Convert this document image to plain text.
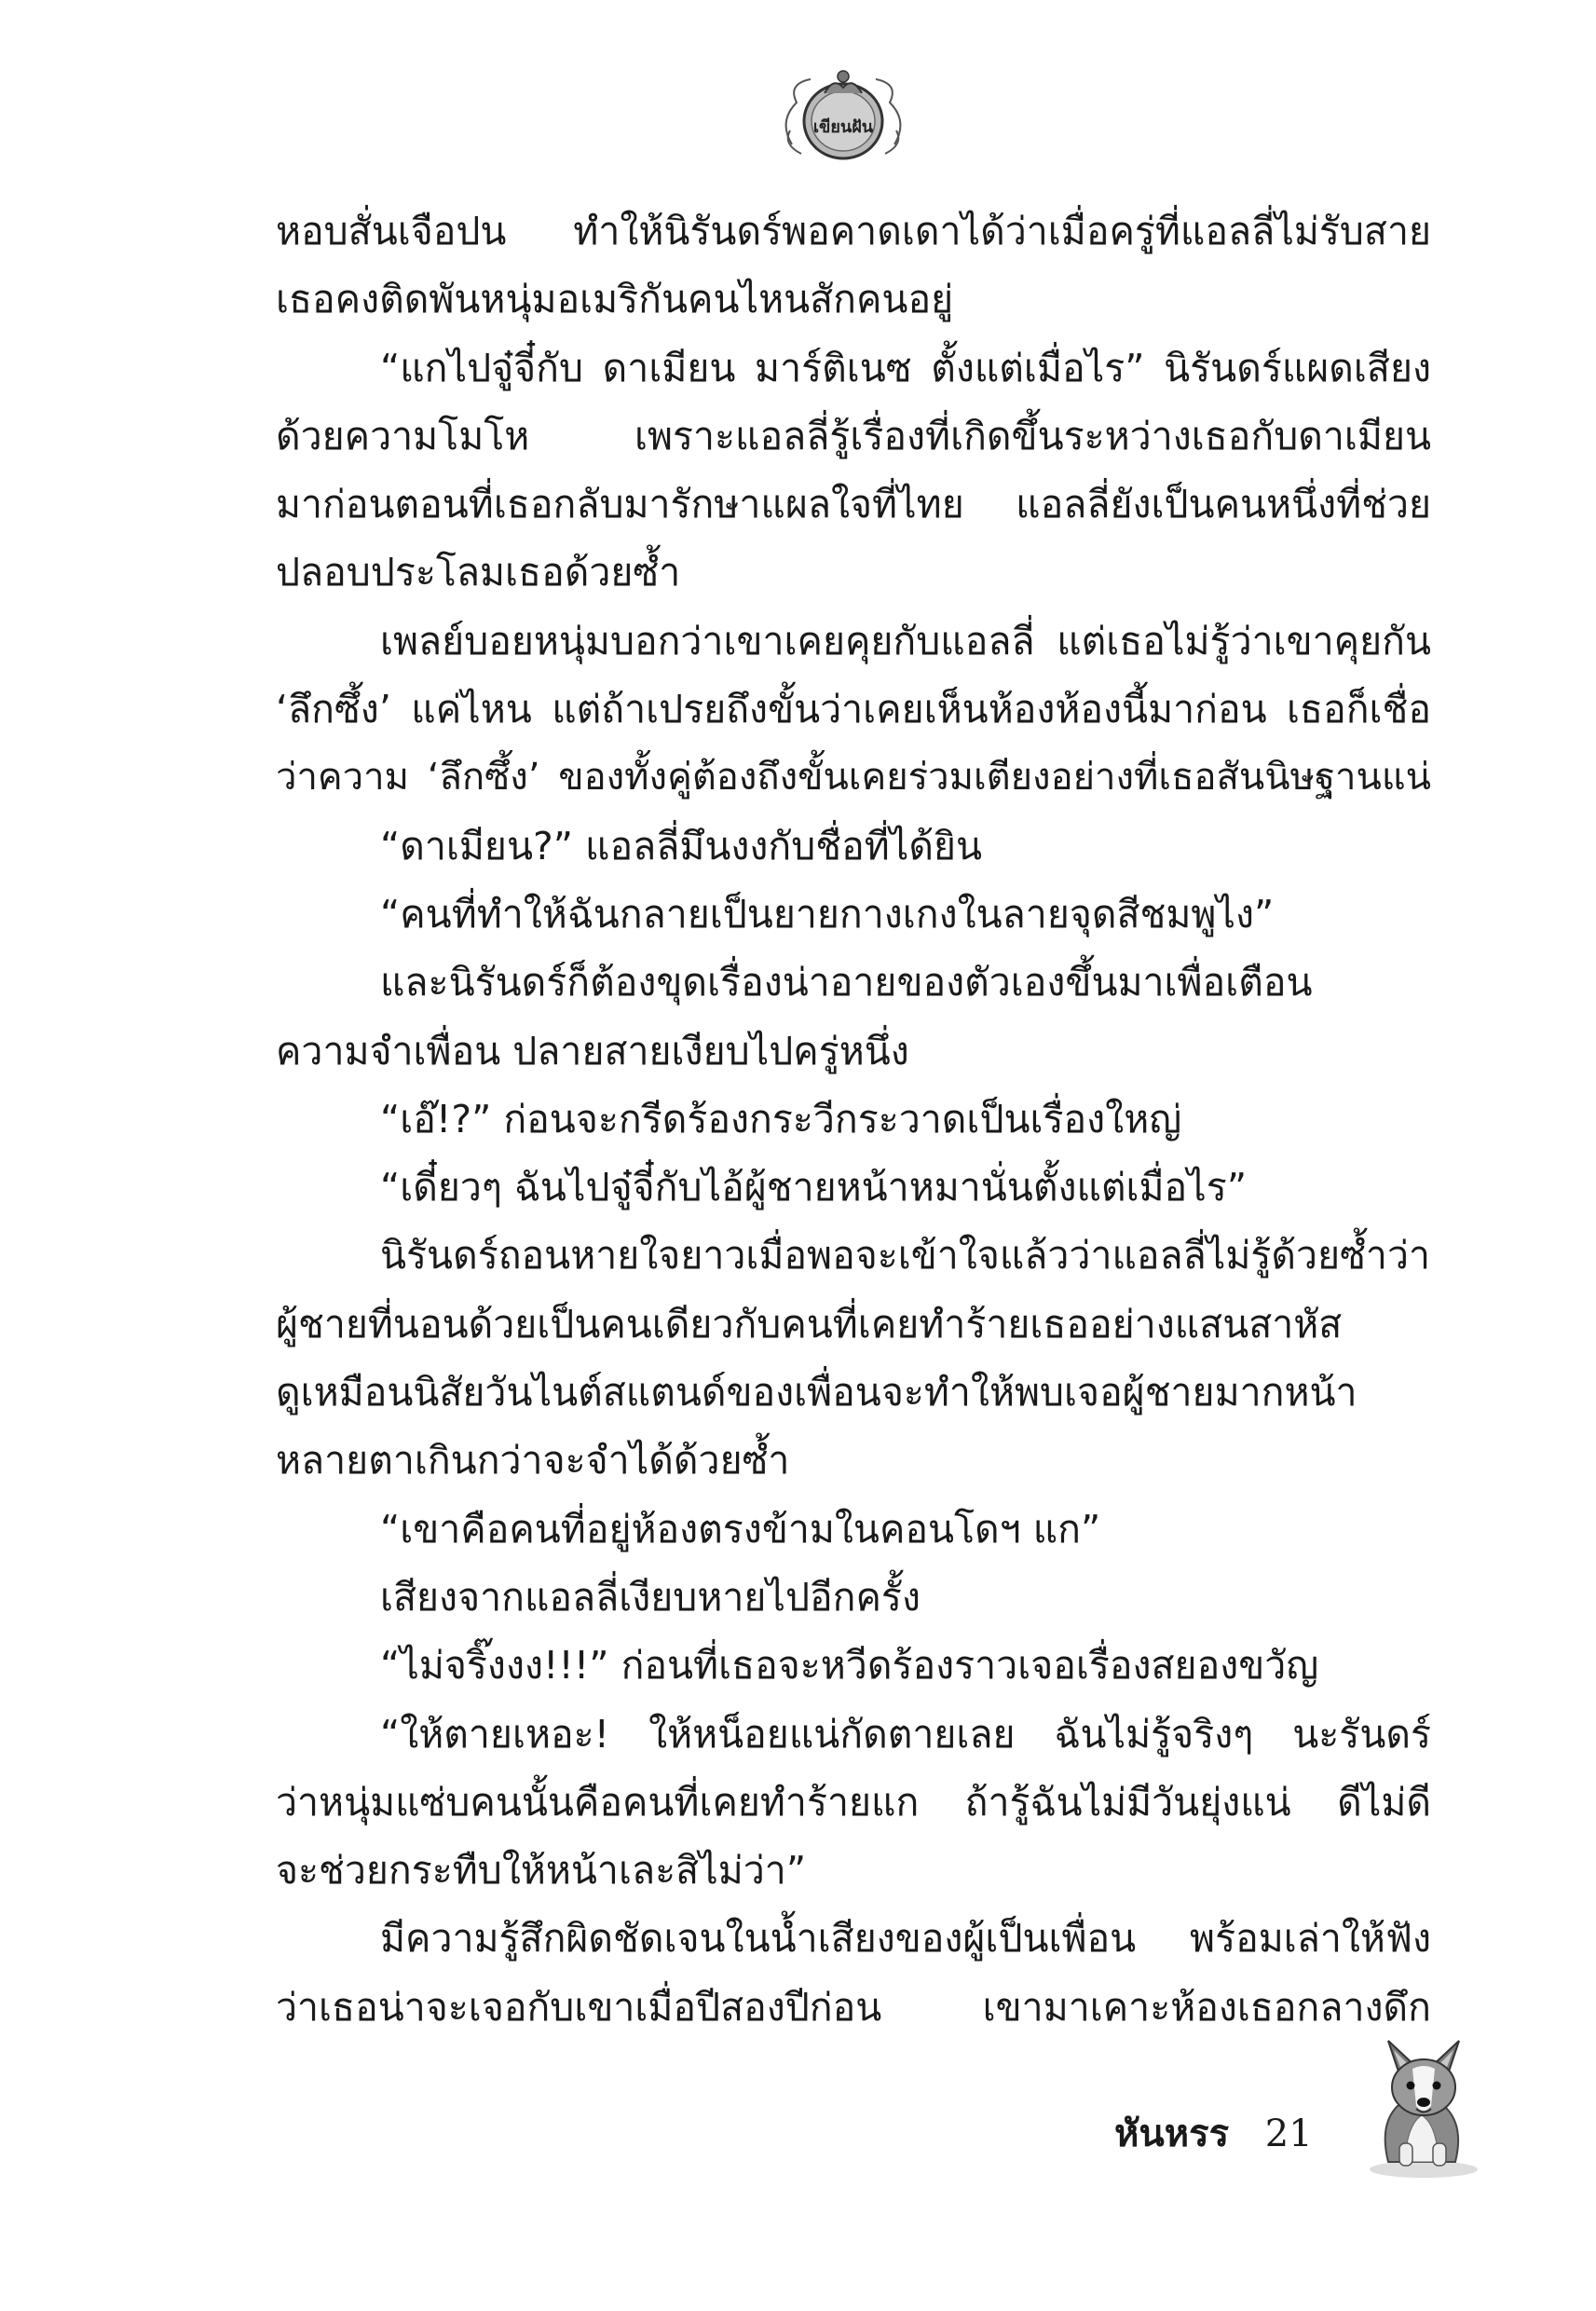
เขียนฝัน
หอบสั่นเจือปน ทำให้นิรันดร์พอคาดเดาได้ว่าเมื่อครู่ที่แอลลี่ไม่รับสาย
เธอคงติดพันหนุ่มอเมริกันคนไหนสักคนอยู่
“แกไปจู๋จี๋กับ ดาเมียน มาร์ติเนซ ตั้งแต่เมื่อไร” นิรันดร์แผดเสียง
ด้วยความโมโห เพราะแอลลี่รู้เรื่องที่เกิดขึ้นระหว่างเธอกับดาเมียน
มาก่อนตอนที่เธอกลับมารักษาแผลใจที่ไทย แอลลี่ยังเป็นคนหนึ่งที่ช่วย
ปลอบประโลมเธอด้วยซ้ำ
เพลย์บอยหนุ่มบอกว่าเขาเคยคุยกับแอลลี่ แต่เธอไม่รู้ว่าเขาคุยกัน
‘ลึกซึ้ง’ แค่ไหน แต่ถ้าเปรยถึงขั้นว่าเคยเห็นห้องห้องนี้มาก่อน เธอก็เชื่อ
ว่าความ ‘ลึกซึ้ง’ ของทั้งคู่ต้องถึงขั้นเคยร่วมเตียงอย่างที่เธอสันนิษฐานแน่
“ดาเมียน?” แอลลี่มึนงงกับชื่อที่ได้ยิน
“คนที่ทำให้ฉันกลายเป็นยายกางเกงในลายจุดสีชมพูไง”
และนิรันดร์ก็ต้องขุดเรื่องน่าอายของตัวเองขึ้นมาเพื่อเตือน
ความจำเพื่อน ปลายสายเงียบไปครู่หนึ่ง
“เอ๊!?” ก่อนจะกรีดร้องกระวีกระวาดเป็นเรื่องใหญ่
“เดี๋ยวๆ ฉันไปจู๋จี๋กับไอ้ผู้ชายหน้าหมานั่นตั้งแต่เมื่อไร”
นิรันดร์ถอนหายใจยาวเมื่อพอจะเข้าใจแล้วว่าแอลลี่ไม่รู้ด้วยซ้ำว่า
ผู้ชายที่นอนด้วยเป็นคนเดียวกับคนที่เคยทำร้ายเธออย่างแสนสาหัส
ดูเหมือนนิสัยวันไนต์สแตนด์ของเพื่อนจะทำให้พบเจอผู้ชายมากหน้า
หลายตาเกินกว่าจะจำได้ด้วยซ้ำ
“เขาคือคนที่อยู่ห้องตรงข้ามในคอนโดฯ แก”
เสียงจากแอลลี่เงียบหายไปอีกครั้ง
“ไม่จริ๊งงง!!!” ก่อนที่เธอจะหวีดร้องราวเจอเรื่องสยองขวัญ
“ให้ตายเหอะ! ให้หน็อยแน่กัดตายเลย ฉันไม่รู้จริงๆ นะรันดร์
ว่าหนุ่มแซ่บคนนั้นคือคนที่เคยทำร้ายแก ถ้ารู้ฉันไม่มีวันยุ่งแน่ ดีไม่ดี
จะช่วยกระทืบให้หน้าเละสิไม่ว่า”
มีความรู้สึกผิดชัดเจนในน้ำเสียงของผู้เป็นเพื่อน พร้อมเล่าให้ฟัง
ว่าเธอน่าจะเจอกับเขาเมื่อปีสองปีก่อน เขามาเคาะห้องเธอกลางดึก
หันหรร 21
